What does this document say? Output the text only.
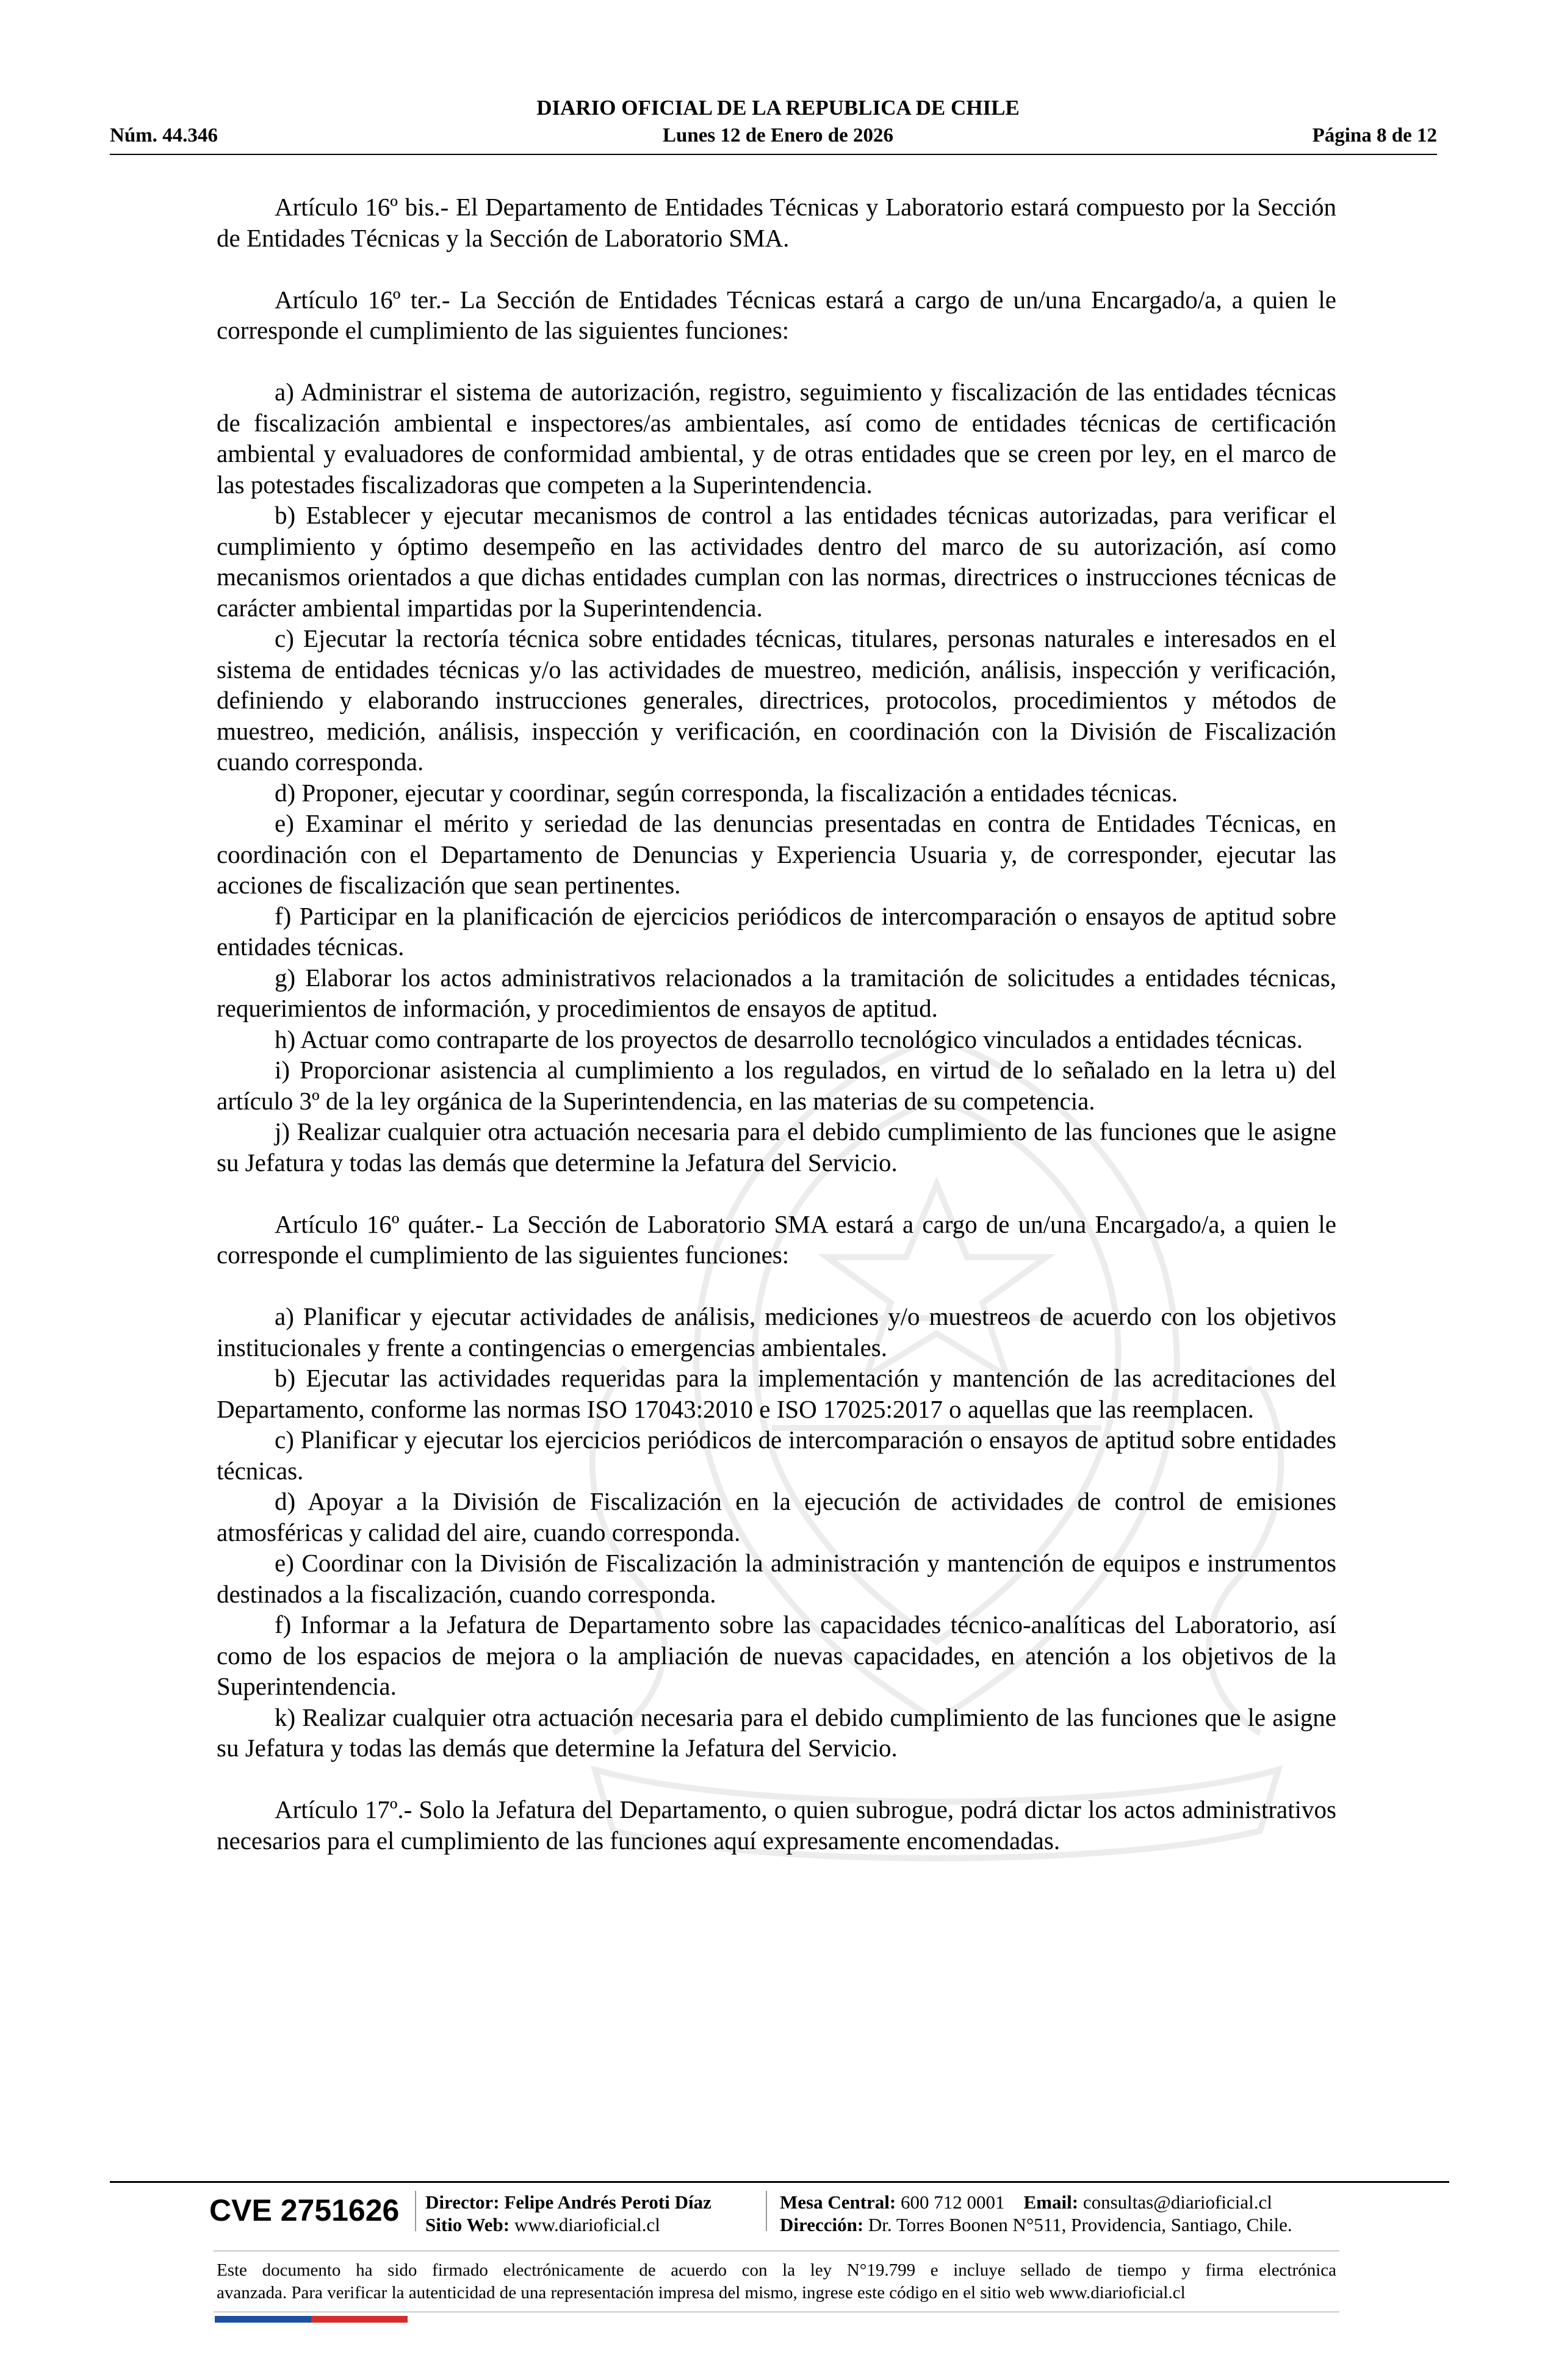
DIARIO OFICIAL DE LA REPUBLICA DE CHILE
Núm. 44.346	Lunes 12 de Enero de 2026	Página 8 de 12

Artículo 16º bis.- El Departamento de Entidades Técnicas y Laboratorio estará compuesto por la Sección de Entidades Técnicas y la Sección de Laboratorio SMA.

Artículo 16º ter.- La Sección de Entidades Técnicas estará a cargo de un/una Encargado/a, a quien le corresponde el cumplimiento de las siguientes funciones:

a) Administrar el sistema de autorización, registro, seguimiento y fiscalización de las entidades técnicas de fiscalización ambiental e inspectores/as ambientales, así como de entidades técnicas de certificación ambiental y evaluadores de conformidad ambiental, y de otras entidades que se creen por ley, en el marco de las potestades fiscalizadoras que competen a la Superintendencia.

b) Establecer y ejecutar mecanismos de control a las entidades técnicas autorizadas, para verificar el cumplimiento y óptimo desempeño en las actividades dentro del marco de su autorización, así como mecanismos orientados a que dichas entidades cumplan con las normas, directrices o instrucciones técnicas de carácter ambiental impartidas por la Superintendencia.

c) Ejecutar la rectoría técnica sobre entidades técnicas, titulares, personas naturales e interesados en el sistema de entidades técnicas y/o las actividades de muestreo, medición, análisis, inspección y verificación, definiendo y elaborando instrucciones generales, directrices, protocolos, procedimientos y métodos de muestreo, medición, análisis, inspección y verificación, en coordinación con la División de Fiscalización cuando corresponda.

d) Proponer, ejecutar y coordinar, según corresponda, la fiscalización a entidades técnicas.

e) Examinar el mérito y seriedad de las denuncias presentadas en contra de Entidades Técnicas, en coordinación con el Departamento de Denuncias y Experiencia Usuaria y, de corresponder, ejecutar las acciones de fiscalización que sean pertinentes.

f) Participar en la planificación de ejercicios periódicos de intercomparación o ensayos de aptitud sobre entidades técnicas.

g) Elaborar los actos administrativos relacionados a la tramitación de solicitudes a entidades técnicas, requerimientos de información, y procedimientos de ensayos de aptitud.

h) Actuar como contraparte de los proyectos de desarrollo tecnológico vinculados a entidades técnicas.

i) Proporcionar asistencia al cumplimiento a los regulados, en virtud de lo señalado en la letra u) del artículo 3º de la ley orgánica de la Superintendencia, en las materias de su competencia.

j) Realizar cualquier otra actuación necesaria para el debido cumplimiento de las funciones que le asigne su Jefatura y todas las demás que determine la Jefatura del Servicio.

Artículo 16º quáter.- La Sección de Laboratorio SMA estará a cargo de un/una Encargado/a, a quien le corresponde el cumplimiento de las siguientes funciones:

a) Planificar y ejecutar actividades de análisis, mediciones y/o muestreos de acuerdo con los objetivos institucionales y frente a contingencias o emergencias ambientales.

b) Ejecutar las actividades requeridas para la implementación y mantención de las acreditaciones del Departamento, conforme las normas ISO 17043:2010 e ISO 17025:2017 o aquellas que las reemplacen.

c) Planificar y ejecutar los ejercicios periódicos de intercomparación o ensayos de aptitud sobre entidades técnicas.

d) Apoyar a la División de Fiscalización en la ejecución de actividades de control de emisiones atmosféricas y calidad del aire, cuando corresponda.

e) Coordinar con la División de Fiscalización la administración y mantención de equipos e instrumentos destinados a la fiscalización, cuando corresponda.

f) Informar a la Jefatura de Departamento sobre las capacidades técnico-analíticas del Laboratorio, así como de los espacios de mejora o la ampliación de nuevas capacidades, en atención a los objetivos de la Superintendencia.

k) Realizar cualquier otra actuación necesaria para el debido cumplimiento de las funciones que le asigne su Jefatura y todas las demás que determine la Jefatura del Servicio.

Artículo 17º.- Solo la Jefatura del Departamento, o quien subrogue, podrá dictar los actos administrativos necesarios para el cumplimiento de las funciones aquí expresamente encomendadas.

CVE 2751626 Director: Felipe Andrés Peroti Díaz
Sitio Web: www.diarioficial.cl
Mesa Central: 600 712 0001 Email: consultas@diarioficial.cl
Dirección: Dr. Torres Boonen N°511, Providencia, Santiago, Chile.
Este documento ha sido firmado electrónicamente de acuerdo con la ley N°19.799 e incluye sellado de tiempo y firma electrónica
avanzada. Para verificar la autenticidad de una representación impresa del mismo, ingrese este código en el sitio web www.diarioficial.cl
